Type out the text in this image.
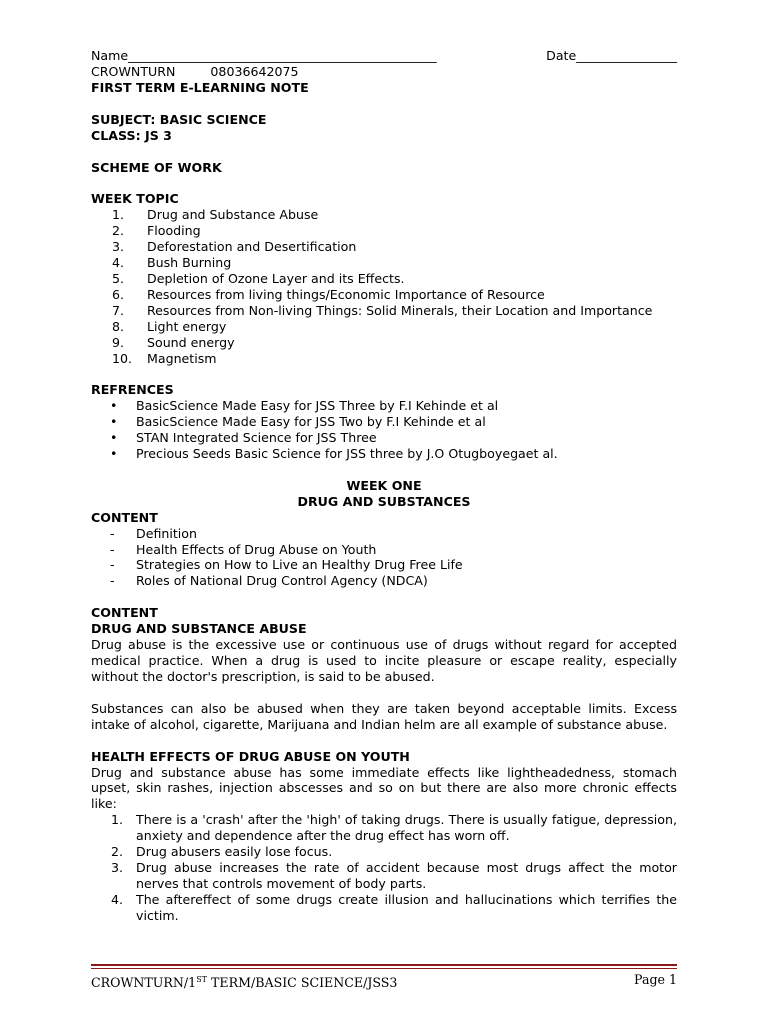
Name_________________________________________________	Date________________
CROWNTURN	08036642075
FIRST TERM E-LEARNING NOTE
SUBJECT: BASIC SCIENCE
CLASS: JS 3
SCHEME OF WORK
WEEK TOPIC
1.	Drug and Substance Abuse
2.	Flooding
3.	Deforestation and Desertification
4.	Bush Burning
5.	Depletion of Ozone Layer and its Effects.
6.	Resources from living things/Economic Importance of Resource
7.	Resources from Non-living Things: Solid Minerals, their Location and Importance
8.	Light energy
9.	Sound energy
10.	Magnetism
REFRENCES
•	BasicScience Made Easy for JSS Three by F.I Kehinde et al
•	BasicScience Made Easy for JSS Two by F.I Kehinde et al
•	STAN Integrated Science for JSS Three
•	Precious Seeds Basic Science for JSS three by J.O Otugboyegaet al.
WEEK ONE
DRUG AND SUBSTANCES
CONTENT
-	Definition
-	Health Effects of Drug Abuse on Youth
-	Strategies on How to Live an Healthy Drug Free Life
-	Roles of National Drug Control Agency (NDCA)
CONTENT
DRUG AND SUBSTANCE ABUSE
Drug abuse is the excessive use or continuous use of drugs without regard for accepted medical practice. When a drug is used to incite pleasure or escape reality, especially without the doctor's prescription, is said to be abused.
Substances can also be abused when they are taken beyond acceptable limits. Excess intake of alcohol, cigarette, Marijuana and Indian helm are all example of substance abuse.
HEALTH EFFECTS OF DRUG ABUSE ON YOUTH
Drug and substance abuse has some immediate effects like lightheadedness, stomach upset, skin rashes, injection abscesses and so on but there are also more chronic effects like:
1.	There is a 'crash' after the 'high' of taking drugs. There is usually fatigue, depression, anxiety and dependence after the drug effect has worn off.
2.	Drug abusers easily lose focus.
3.	Drug abuse increases the rate of accident because most drugs affect the motor nerves that controls movement of body parts.
4.	The aftereffect of some drugs create illusion and hallucinations which terrifies the victim.
CROWNTURN/1ST TERM/BASIC SCIENCE/JSS3	Page 1
